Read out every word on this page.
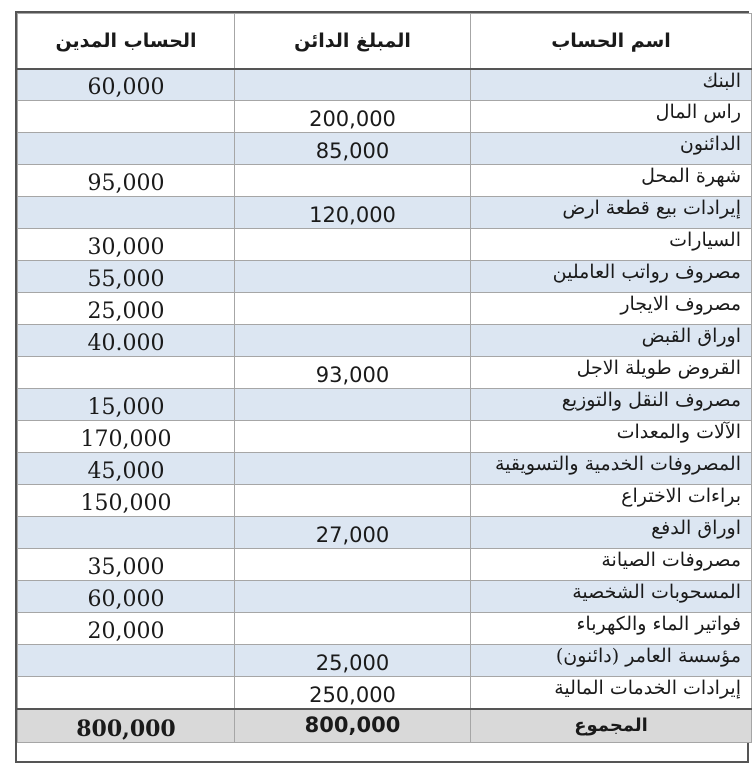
الحساب المدين	المبلغ الدائن	اسم الحساب
60,000		البنك
	200,000	راس المال
	85,000	الدائنون
95,000		شهرة المحل
	120,000	إيرادات بيع قطعة ارض
30,000		السيارات
55,000		مصروف رواتب العاملين
25,000		مصروف الايجار
40.000		اوراق القبض
	93,000	القروض طويلة الاجل
15,000		مصروف النقل والتوزيع
170,000		الآلات والمعدات
45,000		المصروفات الخدمية والتسويقية
150,000		براءات الاختراع
	27,000	اوراق الدفع
35,000		مصروفات الصيانة
60,000		المسحوبات الشخصية
20,000		فواتير الماء والكهرباء
	25,000	مؤسسة العامر (دائنون)
	250,000	إيرادات الخدمات المالية
800,000	800,000	المجموع
